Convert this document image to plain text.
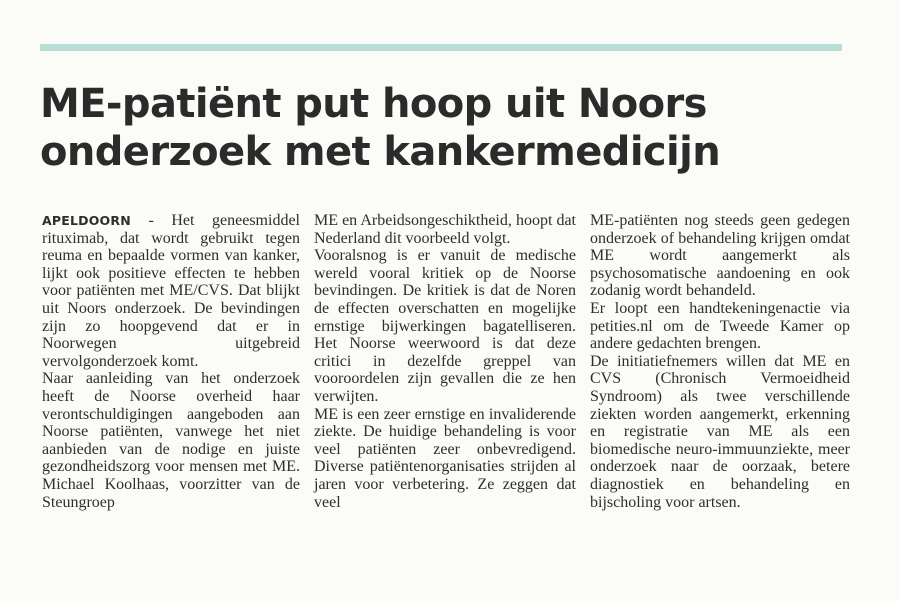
ME-patiënt put hoop uit Noors
onderzoek met kankermedicijn

APELDOORN - Het geneesmiddel rituximab, dat wordt gebruikt tegen reuma en bepaalde vormen van kanker, lijkt ook positieve effecten te hebben voor patiënten met ME/CVS. Dat blijkt uit Noors onderzoek. De bevindingen zijn zo hoopgevend dat er in Noorwegen uitgebreid vervolgonderzoek komt.

Naar aanleiding van het onderzoek heeft de Noorse overheid haar verontschuldigingen aangeboden aan Noorse patiënten, vanwege het niet aanbieden van de nodige en juiste gezondheidszorg voor mensen met ME. Michael Koolhaas, voorzitter van de Steungroep

ME en Arbeidsongeschiktheid, hoopt dat Nederland dit voorbeeld volgt.

Vooralsnog is er vanuit de medische wereld vooral kritiek op de Noorse bevindingen. De kritiek is dat de Noren de effecten overschatten en mogelijke ernstige bijwerkingen bagatelliseren. Het Noorse weerwoord is dat deze critici in dezelfde greppel van vooroordelen zijn gevallen die ze hen verwijten.

ME is een zeer ernstige en invaliderende ziekte. De huidige behandeling is voor veel patiënten zeer onbevredigend. Diverse patiëntenorganisaties strijden al jaren voor verbetering. Ze zeggen dat veel

ME-patiënten nog steeds geen gedegen onderzoek of behandeling krijgen omdat ME wordt aangemerkt als psychosomatische aandoening en ook zodanig wordt behandeld.

Er loopt een handtekeningenactie via petities.nl om de Tweede Kamer op andere gedachten brengen.

De initiatiefnemers willen dat ME en CVS (Chronisch Vermoeidheid Syndroom) als twee verschillende ziekten worden aangemerkt, erkenning en registratie van ME als een biomedische neuro-immuunziekte, meer onderzoek naar de oorzaak, betere diagnostiek en behandeling en bijscholing voor artsen.
